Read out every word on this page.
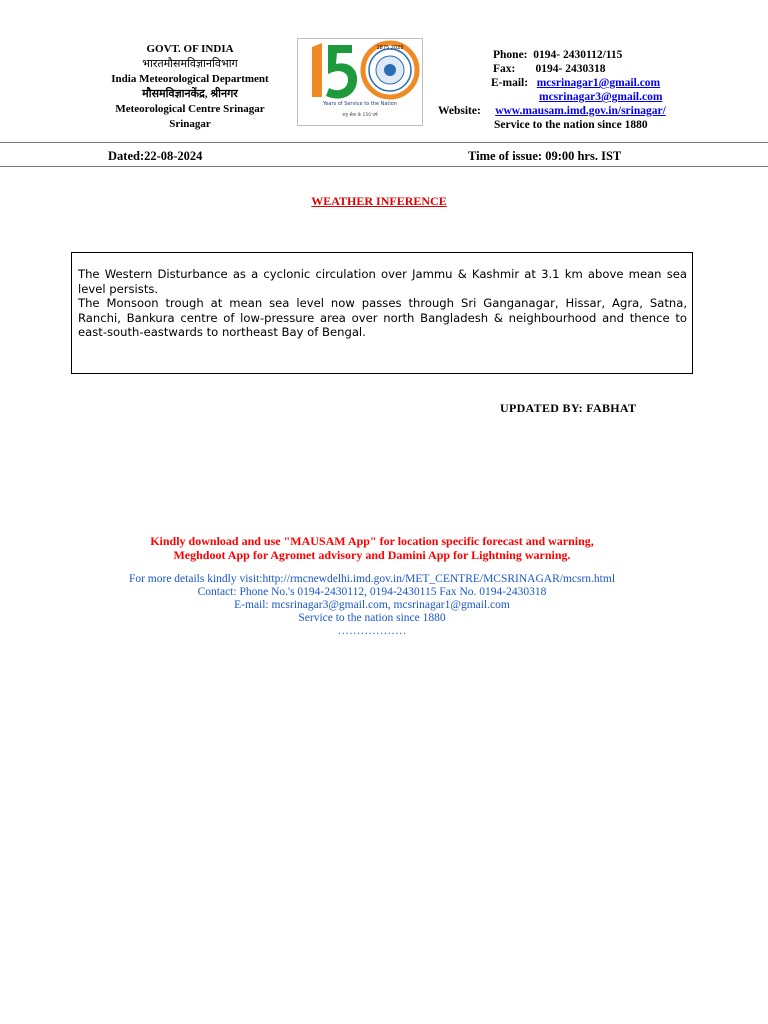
GOVT. OF INDIA
भारतमौसमविज्ञानविभाग
India Meteorological Department
मौसमविज्ञानकेंद्र, श्रीनगर
Meteorological Centre Srinagar
Srinagar
1875 2025
Years of Service to the Nation
राष्ट्र सेवा के 150 वर्ष
Phone: 0194- 2430112/115
Fax: 0194- 2430318
E-mail: mcsrinagar1@gmail.com
mcsrinagar3@gmail.com
Website: www.mausam.imd.gov.in/srinagar/
Service to the nation since 1880
Dated:22-08-2024	Time of issue: 09:00 hrs. IST
WEATHER INFERENCE

The Western Disturbance as a cyclonic circulation over Jammu & Kashmir at 3.1 km above mean sea level persists.

The Monsoon trough at mean sea level now passes through Sri Ganganagar, Hissar, Agra, Satna, Ranchi, Bankura centre of low-pressure area over north Bangladesh & neighbourhood and thence to east-south-eastwards to northeast Bay of Bengal.

UPDATED BY: FABHAT
Kindly download and use "MAUSAM App" for location specific forecast and warning,
Meghdoot App for Agromet advisory and Damini App for Lightning warning.
For more details kindly visit:http://rmcnewdelhi.imd.gov.in/MET_CENTRE/MCSRINAGAR/mcsrn.html
Contact: Phone No.'s 0194-2430112, 0194-2430115 Fax No. 0194-2430318
E-mail: mcsrinagar3@gmail.com, mcsrinagar1@gmail.com
Service to the nation since 1880
………………
